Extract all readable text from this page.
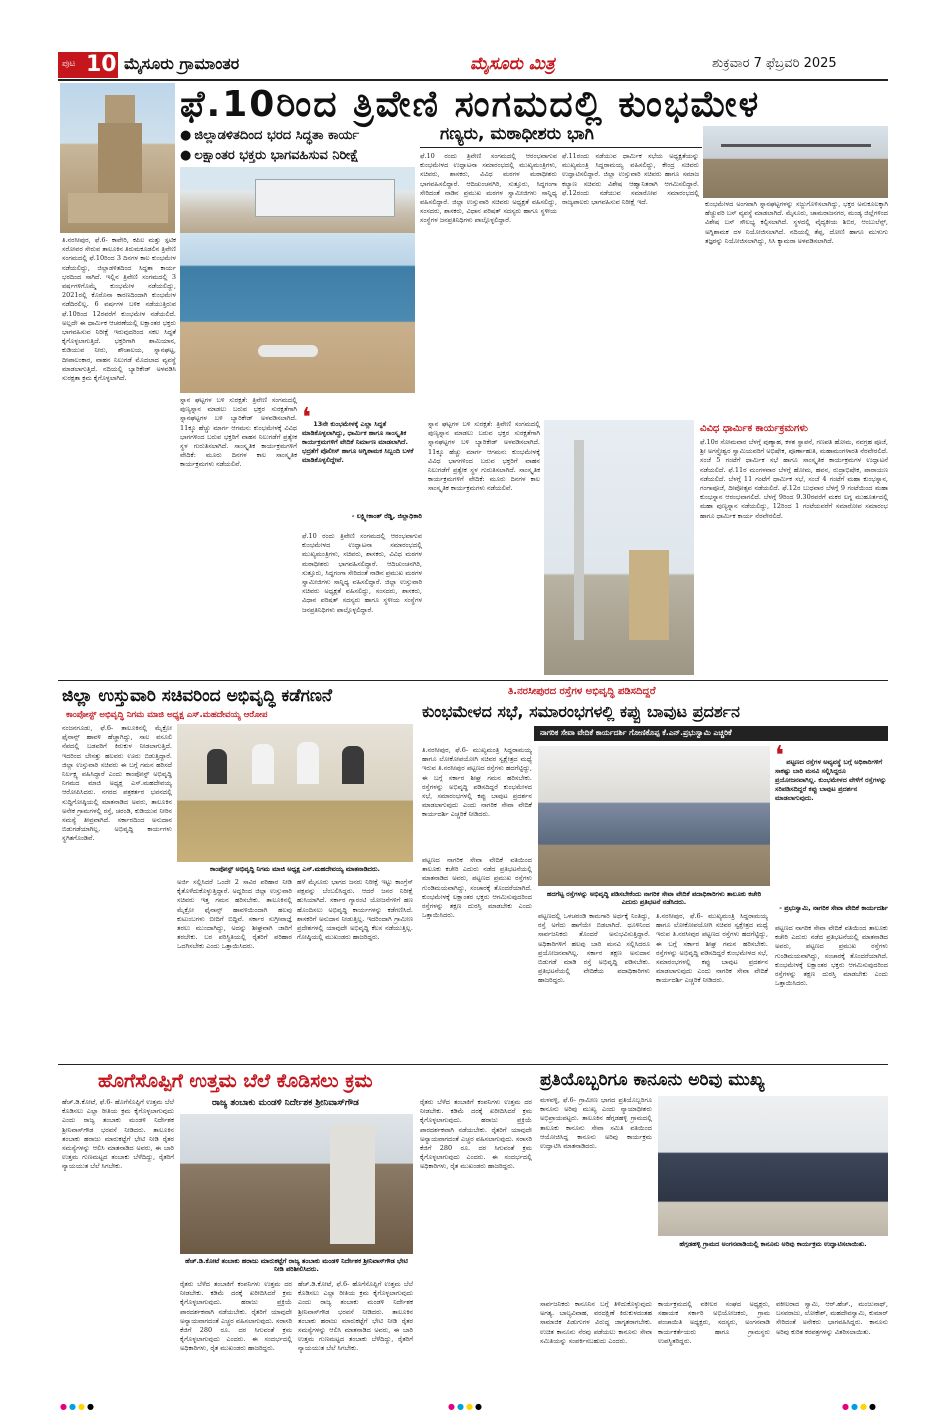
ಪುಟ 10 ಮೈಸೂರು ಗ್ರಾಮಾಂತರ	ಮೈಸೂರು ಮಿತ್ರ	ಶುಕ್ರವಾರ 7 ಫೆಬ್ರವರಿ 2025
ಫೆ.10ರಿಂದ ತ್ರಿವೇಣಿ ಸಂಗಮದಲ್ಲಿ ಕುಂಭಮೇಳ
● ಜಿಲ್ಲಾಡಳಿತದಿಂದ ಭರದ ಸಿದ್ಧತಾ ಕಾರ್ಯ
● ಲಕ್ಷಾಂತರ ಭಕ್ತರು ಭಾಗವಹಿಸುವ ನಿರೀಕ್ಷೆ
ತಿ.ನರಸೀಪುರ, ಫೆ.6- ಕಾವೇರಿ, ಕಪಿಲ ಮತ್ತು ಸ್ಫಟಿಕ ಸರೋವರ ಸೇರುವ ತಾಲೂಕಿನ ತಿರುಮಕೂಡಲಿನ ತ್ರಿವೇಣಿ ಸಂಗಮದಲ್ಲಿ ಫೆ.10ರಿಂದ 3 ದಿನಗಳ ಕಾಲ ಕುಂಭಮೇಳ ನಡೆಯಲಿದ್ದು, ಜಿಲ್ಲಾಡಳಿತದಿಂದ ಸಿದ್ಧತಾ ಕಾರ್ಯ ಭರದಿಂದ ಸಾಗಿದೆ. ಇಲ್ಲಿನ ತ್ರಿವೇಣಿ ಸಂಗಮದಲ್ಲಿ 3 ವರ್ಷಗಳಿಗೊಮ್ಮೆ ಕುಂಭಮೇಳ ನಡೆಯಲಿದ್ದು, 2021ರಲ್ಲಿ ಕೊರೊನಾ ಕಾರಣದಿಂದಾಗಿ ಕುಂಭಮೇಳ ನಡೆದಿರಲಿಲ್ಲ. 6 ವರ್ಷಗಳ ಬಳಿಕ ನಡೆಯುತ್ತಿರುವ ಫೆ.10ರಿಂದ 12ರವರೆಗೆ ಕುಂಭಮೇಳ ನಡೆಯಲಿದೆ. ಅಲ್ಲದೇ ಈ ಧಾರ್ಮಿಕ ಆಚರಣೆಯಲ್ಲಿ ಲಕ್ಷಾಂತರ ಭಕ್ತರು ಭಾಗವಹಿಸುವ ನಿರೀಕ್ಷೆ ಇರುವುದರಿಂದ ಸಕಲ ಸಿದ್ಧತೆ ಕೈಗೊಳ್ಳಲಾಗುತ್ತಿದೆ. ಭಕ್ತರಿಗಾಗಿ ಶಾಮಿಯಾನ, ಕುಡಿಯುವ ನೀರು, ಶೌಚಾಲಯ, ಸ್ನಾನಘಟ್ಟ, ದೀಪಾಲಂಕಾರ, ವಾಹನ ನಿಲುಗಡೆ ಮೊದಲಾದ ವ್ಯವಸ್ಥೆ ಮಾಡಲಾಗುತ್ತಿದೆ. ನದಿಯಲ್ಲಿ ಬ್ಯಾರಿಕೇಡ್ ಅಳವಡಿಸಿ ಸುರಕ್ಷತಾ ಕ್ರಮ ಕೈಗೊಳ್ಳಲಾಗಿದೆ.
ಗಣ್ಯರು, ಮಠಾಧೀಶರು ಭಾಗಿ
ಫೆ.10 ರಂದು ತ್ರಿವೇಣಿ ಸಂಗಮದಲ್ಲಿ ಆರಂಭವಾಗುವ ಕುಂಭಮೇಳದ ಉದ್ಘಾಟನಾ ಸಮಾರಂಭದಲ್ಲಿ ಮುಖ್ಯಮಂತ್ರಿಗಳು, ಸಚಿವರು, ಶಾಸಕರು, ವಿವಿಧ ಮಠಗಳ ಮಠಾಧೀಶರು ಭಾಗವಹಿಸಲಿದ್ದಾರೆ. ಆದಿಚುಂಚನಗಿರಿ, ಸುತ್ತೂರು, ಸಿದ್ಧಗಂಗಾ ಸೇರಿದಂತೆ ನಾಡಿನ ಪ್ರಮುಖ ಮಠಗಳ ಸ್ವಾಮೀಜಿಗಳು ಸಾನ್ನಿಧ್ಯ ವಹಿಸಲಿದ್ದಾರೆ. ಜಿಲ್ಲಾ ಉಸ್ತುವಾರಿ ಸಚಿವರು ಅಧ್ಯಕ್ಷತೆ ವಹಿಸಲಿದ್ದು, ಸಂಸದರು, ಶಾಸಕರು, ವಿಧಾನ ಪರಿಷತ್ ಸದಸ್ಯರು ಹಾಗೂ ಸ್ಥಳೀಯ ಸಂಸ್ಥೆಗಳ ಜನಪ್ರತಿನಿಧಿಗಳು ಪಾಲ್ಗೊಳ್ಳಲಿದ್ದಾರೆ.
ಫೆ.11ರಂದು ನಡೆಯುವ ಧಾರ್ಮಿಕ ಸಭೆಯ ಅಧ್ಯಕ್ಷತೆಯನ್ನು ಮುಖ್ಯಮಂತ್ರಿ ಸಿದ್ದರಾಮಯ್ಯ ವಹಿಸಲಿದ್ದು, ಕೇಂದ್ರ ಸಚಿವರು ಉದ್ಘಾಟಿಸಲಿದ್ದಾರೆ. ಜಿಲ್ಲಾ ಉಸ್ತುವಾರಿ ಸಚಿವರು ಹಾಗೂ ಸಮಾಜ ಕಲ್ಯಾಣ ಸಚಿವರು ವಿಶೇಷ ಆಹ್ವಾನಿತರಾಗಿ ಆಗಮಿಸಲಿದ್ದಾರೆ. ಫೆ.12ರಂದು ನಡೆಯುವ ಸಮಾರೋಪ ಸಮಾರಂಭದಲ್ಲಿ ರಾಜ್ಯಪಾಲರು ಭಾಗವಹಿಸುವ ನಿರೀಕ್ಷೆ ಇದೆ.	ಕುಂಭಮೇಳದ ಅಂಗವಾಗಿ ಸ್ನಾನಘಟ್ಟಗಳನ್ನು ಸಜ್ಜುಗೊಳಿಸಲಾಗಿದ್ದು, ಭಕ್ತರ ಅನುಕೂಲಕ್ಕಾಗಿ ಹೆಚ್ಚುವರಿ ಬಸ್ ವ್ಯವಸ್ಥೆ ಮಾಡಲಾಗಿದೆ. ಮೈಸೂರು, ಚಾಮರಾಜನಗರ, ಮಂಡ್ಯ ಜಿಲ್ಲೆಗಳಿಂದ ವಿಶೇಷ ಬಸ್ ಸೌಲಭ್ಯ ಕಲ್ಪಿಸಲಾಗಿದೆ. ಸ್ಥಳದಲ್ಲಿ ವೈದ್ಯಕೀಯ ಶಿಬಿರ, ಆಂಬುಲೆನ್ಸ್, ಅಗ್ನಿಶಾಮಕ ದಳ ನಿಯೋಜಿಸಲಾಗಿದೆ. ನದಿಯಲ್ಲಿ ತೆಪ್ಪ, ದೋಣಿ ಹಾಗೂ ಮುಳುಗು ತಜ್ಞರನ್ನು ನಿಯೋಜಿಸಲಾಗಿದ್ದು, ಸಿಸಿ ಕ್ಯಾಮರಾ ಅಳವಡಿಸಲಾಗಿದೆ.
ಸ್ನಾನ ಘಟ್ಟಗಳ ಬಳಿ ಸುರಕ್ಷತೆ: ತ್ರಿವೇಣಿ ಸಂಗಮದಲ್ಲಿ ಪುಣ್ಯಸ್ನಾನ ಮಾಡಲು ಬರುವ ಭಕ್ತರ ಸುರಕ್ಷತೆಗಾಗಿ ಸ್ನಾನಘಟ್ಟಗಳ ಬಳಿ ಬ್ಯಾರಿಕೇಡ್ ಅಳವಡಿಸಲಾಗಿದೆ. 11ಕ್ಕೂ ಹೆಚ್ಚು ಮಾರ್ಗ ಆಗಮನ: ಕುಂಭಮೇಳಕ್ಕೆ ವಿವಿಧ ಭಾಗಗಳಿಂದ ಬರುವ ಭಕ್ತರಿಗೆ ವಾಹನ ನಿಲುಗಡೆಗೆ ಪ್ರತ್ಯೇಕ ಸ್ಥಳ ಗುರುತಿಸಲಾಗಿದೆ. ಸಾಂಸ್ಕೃತಿಕ ಕಾರ್ಯಕ್ರಮಗಳಿಗೆ ವೇದಿಕೆ: ಮೂರು ದಿನಗಳ ಕಾಲ ಸಾಂಸ್ಕೃತಿಕ ಕಾರ್ಯಕ್ರಮಗಳು ನಡೆಯಲಿವೆ.
❛ 13ನೇ ಕುಂಭಮೇಳಕ್ಕೆ ಎಲ್ಲಾ ಸಿದ್ಧತೆ ಮಾಡಿಕೊಳ್ಳಲಾಗಿದ್ದು, ಧಾರ್ಮಿಕ ಹಾಗೂ ಸಾಂಸ್ಕೃತಿಕ ಕಾರ್ಯಕ್ರಮಗಳಿಗೆ ವೇದಿಕೆ ನಿರ್ಮಾಣ ಮಾಡಲಾಗಿದೆ. ಭದ್ರತೆಗೆ ಪೊಲೀಸ್ ಹಾಗೂ ಅಗ್ನಿಶಾಮಕ ಸಿಬ್ಬಂದಿ ಬಳಕೆ ಮಾಡಿಕೊಳ್ಳಲಿದ್ದೇವೆ.
- ಲಕ್ಷ್ಮೀಕಾಂತ್ ರೆಡ್ಡಿ, ಜಿಲ್ಲಾಧಿಕಾರಿ
ಫೆ.10 ರಂದು ತ್ರಿವೇಣಿ ಸಂಗಮದಲ್ಲಿ ಆರಂಭವಾಗುವ ಕುಂಭಮೇಳದ ಉದ್ಘಾಟನಾ ಸಮಾರಂಭದಲ್ಲಿ ಮುಖ್ಯಮಂತ್ರಿಗಳು, ಸಚಿವರು, ಶಾಸಕರು, ವಿವಿಧ ಮಠಗಳ ಮಠಾಧೀಶರು ಭಾಗವಹಿಸಲಿದ್ದಾರೆ. ಆದಿಚುಂಚನಗಿರಿ, ಸುತ್ತೂರು, ಸಿದ್ಧಗಂಗಾ ಸೇರಿದಂತೆ ನಾಡಿನ ಪ್ರಮುಖ ಮಠಗಳ ಸ್ವಾಮೀಜಿಗಳು ಸಾನ್ನಿಧ್ಯ ವಹಿಸಲಿದ್ದಾರೆ. ಜಿಲ್ಲಾ ಉಸ್ತುವಾರಿ ಸಚಿವರು ಅಧ್ಯಕ್ಷತೆ ವಹಿಸಲಿದ್ದು, ಸಂಸದರು, ಶಾಸಕರು, ವಿಧಾನ ಪರಿಷತ್ ಸದಸ್ಯರು ಹಾಗೂ ಸ್ಥಳೀಯ ಸಂಸ್ಥೆಗಳ ಜನಪ್ರತಿನಿಧಿಗಳು ಪಾಲ್ಗೊಳ್ಳಲಿದ್ದಾರೆ.
ಸ್ನಾನ ಘಟ್ಟಗಳ ಬಳಿ ಸುರಕ್ಷತೆ: ತ್ರಿವೇಣಿ ಸಂಗಮದಲ್ಲಿ ಪುಣ್ಯಸ್ನಾನ ಮಾಡಲು ಬರುವ ಭಕ್ತರ ಸುರಕ್ಷತೆಗಾಗಿ ಸ್ನಾನಘಟ್ಟಗಳ ಬಳಿ ಬ್ಯಾರಿಕೇಡ್ ಅಳವಡಿಸಲಾಗಿದೆ. 11ಕ್ಕೂ ಹೆಚ್ಚು ಮಾರ್ಗ ಆಗಮನ: ಕುಂಭಮೇಳಕ್ಕೆ ವಿವಿಧ ಭಾಗಗಳಿಂದ ಬರುವ ಭಕ್ತರಿಗೆ ವಾಹನ ನಿಲುಗಡೆಗೆ ಪ್ರತ್ಯೇಕ ಸ್ಥಳ ಗುರುತಿಸಲಾಗಿದೆ. ಸಾಂಸ್ಕೃತಿಕ ಕಾರ್ಯಕ್ರಮಗಳಿಗೆ ವೇದಿಕೆ: ಮೂರು ದಿನಗಳ ಕಾಲ ಸಾಂಸ್ಕೃತಿಕ ಕಾರ್ಯಕ್ರಮಗಳು ನಡೆಯಲಿವೆ.
ವಿವಿಧ ಧಾರ್ಮಿಕ ಕಾರ್ಯಕ್ರಮಗಳು
ಫೆ.10ರ ಸೋಮವಾರ ಬೆಳಗ್ಗೆ ಪುಣ್ಯಾಹ, ಕಳಶ ಸ್ಥಾಪನೆ, ಗಣಪತಿ ಹೋಮ, ನವಗ್ರಹ ಪೂಜೆ, ಶ್ರೀ ಅಗಸ್ತ್ಯೇಶ್ವರ ಸ್ವಾಮಿಯವರಿಗೆ ಅಭಿಷೇಕ, ಪೂರ್ಣಾಹುತಿ, ಮಹಾಮಂಗಳಾರತಿ ನೆರವೇರಲಿದೆ. ಸಂಜೆ 5 ಗಂಟೆಗೆ ಧಾರ್ಮಿಕ ಸಭೆ ಹಾಗೂ ಸಾಂಸ್ಕೃತಿಕ ಕಾರ್ಯಕ್ರಮಗಳ ಉದ್ಘಾಟನೆ ನಡೆಯಲಿದೆ. ಫೆ.11ರ ಮಂಗಳವಾರ ಬೆಳಗ್ಗೆ ಹೋಮ, ಹವನ, ರುದ್ರಾಭಿಷೇಕ, ಪಾರಾಯಣ ನಡೆಯಲಿದೆ. ಬೆಳಗ್ಗೆ 11 ಗಂಟೆಗೆ ಧಾರ್ಮಿಕ ಸಭೆ, ಸಂಜೆ 4 ಗಂಟೆಗೆ ಮಹಾ ಕುಂಭಸ್ನಾನ, ಗಂಗಾಪೂಜೆ, ದೀಪೋತ್ಸವ ನಡೆಯಲಿದೆ. ಫೆ.12ರ ಬುಧವಾರ ಬೆಳಗ್ಗೆ 9 ಗಂಟೆಯಿಂದ ಮಹಾ ಕುಂಭಸ್ನಾನ ಆರಂಭವಾಗಲಿದೆ. ಬೆಳಗ್ಗೆ 9ರಿಂದ 9.30ರವರೆಗೆ ಮಕರ ಲಗ್ನ ಮುಹೂರ್ತದಲ್ಲಿ ಮಹಾ ಪುಣ್ಯಸ್ನಾನ ನಡೆಯಲಿದ್ದು, 12ರಿಂದ 1 ಗಂಟೆಯವರೆಗೆ ಸಮಾರೋಪ ಸಮಾರಂಭ ಹಾಗೂ ಧಾರ್ಮಿಕ ಕಾರ್ಯ ನೆರವೇರಲಿದೆ.
ಜಿಲ್ಲಾ ಉಸ್ತುವಾರಿ ಸಚಿವರಿಂದ ಅಭಿವೃದ್ಧಿ ಕಡೆಗಣನೆ
ಕಾಂಪೋಸ್ಟ್ ಅಭಿವೃದ್ಧಿ ನಿಗಮ ಮಾಜಿ ಅಧ್ಯಕ್ಷ ಎಸ್.ಮಹದೇವಯ್ಯ ಆರೋಪ
ನಂಜನಗೂಡು, ಫೆ.6- ತಾಲೂಕಿನಲ್ಲಿ ಮೈಕ್ರೋ ಫೈನಾನ್ಸ್ ಹಾವಳಿ ಹೆಚ್ಚಾಗಿದ್ದು, ಸಾಲ ವಸೂಲಿ ನೆಪದಲ್ಲಿ ಬಡವರಿಗೆ ಕಿರುಕುಳ ನೀಡಲಾಗುತ್ತಿದೆ. ಇದರಿಂದ ಬೇಸತ್ತು ಹಲವರು ಊರು ಬಿಡುತ್ತಿದ್ದಾರೆ. ಜಿಲ್ಲಾ ಉಸ್ತುವಾರಿ ಸಚಿವರು ಈ ಬಗ್ಗೆ ಗಮನ ಹರಿಸದೆ ನಿರ್ಲಕ್ಷ್ಯ ವಹಿಸಿದ್ದಾರೆ ಎಂದು ಕಾಂಪೋಸ್ಟ್ ಅಭಿವೃದ್ಧಿ ನಿಗಮದ ಮಾಜಿ ಅಧ್ಯಕ್ಷ ಎಸ್.ಮಹದೇವಯ್ಯ ಆರೋಪಿಸಿದರು. ನಗರದ ಪತ್ರಕರ್ತರ ಭವನದಲ್ಲಿ ಸುದ್ದಿಗೋಷ್ಠಿಯಲ್ಲಿ ಮಾತನಾಡಿದ ಅವರು, ತಾಲೂಕಿನ ಅನೇಕ ಗ್ರಾಮಗಳಲ್ಲಿ ರಸ್ತೆ, ಚರಂಡಿ, ಕುಡಿಯುವ ನೀರಿನ ಸಮಸ್ಯೆ ತೀವ್ರವಾಗಿದೆ. ಸರ್ಕಾರದಿಂದ ಅನುದಾನ ಬಿಡುಗಡೆಯಾಗಿಲ್ಲ. ಅಭಿವೃದ್ಧಿ ಕಾರ್ಯಗಳು ಸ್ಥಗಿತಗೊಂಡಿವೆ.
ಕಾಂಪೋಸ್ಟ್ ಅಭಿವೃದ್ಧಿ ನಿಗಮ ಮಾಜಿ ಅಧ್ಯಕ್ಷ ಎಸ್.ಮಹದೇವಯ್ಯ ಮಾತನಾಡಿದರು.
ಅರ್ಜಿ ಸಲ್ಲಿಸಿದರೆ ಒಂದೇ 2 ಸಾವಿರ ಪರಿಹಾರ ನೀಡಿ ಕೈತೊಳೆದುಕೊಳ್ಳುತ್ತಿದ್ದಾರೆ. ಅದ್ದರಿಂದ ಜಿಲ್ಲಾ ಉಸ್ತುವಾರಿ ಸಚಿವರು ಇತ್ತ ಗಮನ ಹರಿಸಬೇಕು. ತಾಲೂಕಿನಲ್ಲಿ ಮೈಕ್ರೋ ಫೈನಾನ್ಸ್ ಹಾವಳಿಯಿಂದಾಗಿ ಹಲವು ಕುಟುಂಬಗಳು ಬೀದಿಗೆ ಬಿದ್ದಿವೆ. ಸರ್ಕಾರ ಸುಗ್ರೀವಾಜ್ಞೆ ತರಲು ಮುಂದಾಗಿದ್ದು, ಅದನ್ನು ಶೀಘ್ರವಾಗಿ ಜಾರಿಗೆ ತರಬೇಕು. ಬರ ಪರಿಸ್ಥಿತಿಯಲ್ಲಿ ರೈತರಿಗೆ ಪರಿಹಾರ ಒದಗಿಸಬೇಕು ಎಂದು ಒತ್ತಾಯಿಸಿದರು.
ಹಳೆ ಮೈಸೂರು ಭಾಗದ ಜನರು ನಿರೀಕ್ಷೆ ಇಟ್ಟು ಕಾಂಗ್ರೆಸ್ ಪಕ್ಷವನ್ನು ಬೆಂಬಲಿಸಿದ್ದರು. ಆದರೆ ಜನರ ನಿರೀಕ್ಷೆ ಹುಸಿಯಾಗಿದೆ. ಸರ್ಕಾರ ಗ್ಯಾರಂಟಿ ಯೋಜನೆಗಳಿಗೆ ಹಣ ಹೊಂದಿಸಲು ಅಭಿವೃದ್ಧಿ ಕಾರ್ಯಗಳನ್ನು ಕಡೆಗಣಿಸಿದೆ. ಶಾಸಕರಿಗೆ ಅನುದಾನ ನೀಡುತ್ತಿಲ್ಲ. ಇದರಿಂದಾಗಿ ಗ್ರಾಮೀಣ ಪ್ರದೇಶಗಳಲ್ಲಿ ಯಾವುದೇ ಅಭಿವೃದ್ಧಿ ಕೆಲಸ ನಡೆಯುತ್ತಿಲ್ಲ. ಗೋಷ್ಠಿಯಲ್ಲಿ ಮುಖಂಡರು ಹಾಜರಿದ್ದರು.
ತಿ.ನರಸೀಪುರದ ರಸ್ತೆಗಳ ಅಭಿವೃದ್ಧಿ ಪಡಿಸದಿದ್ದರೆ
ಕುಂಭಮೇಳದ ಸಭೆ, ಸಮಾರಂಭಗಳಲ್ಲಿ ಕಪ್ಪು ಬಾವುಟ ಪ್ರದರ್ಶನ
ನಾಗರಿಕ ಸೇವಾ ವೇದಿಕೆ ಕಾರ್ಯದರ್ಶಿ ಗೋಣಿಕೊಪ್ಪ ಕೆ.ಎನ್.ಪ್ರಭುಸ್ವಾಮಿ ಎಚ್ಚರಿಕೆ
ತಿ.ನರಸೀಪುರ, ಫೆ.6- ಮುಖ್ಯಮಂತ್ರಿ ಸಿದ್ದರಾಮಯ್ಯ ಹಾಗೂ ಲೋಕೋಪಯೋಗಿ ಸಚಿವರ ಸ್ವಕ್ಷೇತ್ರದ ಮಧ್ಯೆ ಇರುವ ತಿ.ನರಸೀಪುರ ಪಟ್ಟಣದ ರಸ್ತೆಗಳು ಹದಗೆಟ್ಟಿದ್ದು, ಈ ಬಗ್ಗೆ ಸರ್ಕಾರ ಶೀಘ್ರ ಗಮನ ಹರಿಸಬೇಕು. ರಸ್ತೆಗಳನ್ನು ಅಭಿವೃದ್ಧಿ ಪಡಿಸದಿದ್ದರೆ ಕುಂಭಮೇಳದ ಸಭೆ, ಸಮಾರಂಭಗಳಲ್ಲಿ ಕಪ್ಪು ಬಾವುಟ ಪ್ರದರ್ಶನ ಮಾಡಲಾಗುವುದು ಎಂದು ನಾಗರಿಕ ಸೇವಾ ವೇದಿಕೆ ಕಾರ್ಯದರ್ಶಿ ಎಚ್ಚರಿಕೆ ನೀಡಿದರು.
ಹದಗೆಟ್ಟ ರಸ್ತೆಗಳನ್ನು ಅಭಿವೃದ್ಧಿ ಪಡಿಸಬೇಕೆಂದು ನಾಗರಿಕ ಸೇವಾ ವೇದಿಕೆ ಪದಾಧಿಕಾರಿಗಳು ತಾಲೂಕು ಕಚೇರಿ ಎದುರು ಪ್ರತಿಭಟನೆ ನಡೆಸಿದರು.
❛ ಪಟ್ಟಣದ ರಸ್ತೆಗಳ ಅವ್ಯವಸ್ಥೆ ಬಗ್ಗೆ ಅಧಿಕಾರಿಗಳಿಗೆ ಸಾಕಷ್ಟು ಬಾರಿ ಮನವಿ ಸಲ್ಲಿಸಿದ್ದರೂ ಪ್ರಯೋಜನವಾಗಿಲ್ಲ. ಕುಂಭಮೇಳದ ವೇಳೆಗೆ ರಸ್ತೆಗಳನ್ನು ಸರಿಪಡಿಸದಿದ್ದರೆ ಕಪ್ಪು ಬಾವುಟ ಪ್ರದರ್ಶನ ಮಾಡಲಾಗುವುದು.
- ಪ್ರಭುಸ್ವಾಮಿ, ನಾಗರಿಕ ಸೇವಾ ವೇದಿಕೆ ಕಾರ್ಯದರ್ಶಿ
ಪಟ್ಟಣದ ನಾಗರಿಕ ಸೇವಾ ವೇದಿಕೆ ವತಿಯಿಂದ ತಾಲೂಕು ಕಚೇರಿ ಎದುರು ನಡೆದ ಪ್ರತಿಭಟನೆಯಲ್ಲಿ ಮಾತನಾಡಿದ ಅವರು, ಪಟ್ಟಣದ ಪ್ರಮುಖ ರಸ್ತೆಗಳು ಗುಂಡಿಮಯವಾಗಿದ್ದು, ಸಂಚಾರಕ್ಕೆ ತೊಂದರೆಯಾಗಿದೆ. ಕುಂಭಮೇಳಕ್ಕೆ ಲಕ್ಷಾಂತರ ಭಕ್ತರು ಆಗಮಿಸುವುದರಿಂದ ರಸ್ತೆಗಳನ್ನು ತಕ್ಷಣ ದುರಸ್ತಿ ಮಾಡಬೇಕು ಎಂದು ಒತ್ತಾಯಿಸಿದರು.	ಪಟ್ಟಣದಲ್ಲಿ ಒಳಚರಂಡಿ ಕಾಮಗಾರಿ ಅರ್ಧಕ್ಕೆ ನಿಂತಿದ್ದು, ರಸ್ತೆ ಅಗೆದು ಹಾಗೆಯೇ ಬಿಡಲಾಗಿದೆ. ಧೂಳಿನಿಂದ ಸಾರ್ವಜನಿಕರು ತೊಂದರೆ ಅನುಭವಿಸುತ್ತಿದ್ದಾರೆ. ಅಧಿಕಾರಿಗಳಿಗೆ ಹಲವು ಬಾರಿ ಮನವಿ ಸಲ್ಲಿಸಿದರೂ ಪ್ರಯೋಜನವಾಗಿಲ್ಲ. ಸರ್ಕಾರ ತಕ್ಷಣ ಅನುದಾನ ಬಿಡುಗಡೆ ಮಾಡಿ ರಸ್ತೆ ಅಭಿವೃದ್ಧಿ ಪಡಿಸಬೇಕು. ಪ್ರತಿಭಟನೆಯಲ್ಲಿ ವೇದಿಕೆಯ ಪದಾಧಿಕಾರಿಗಳು ಹಾಜರಿದ್ದರು.
ತಿ.ನರಸೀಪುರ, ಫೆ.6- ಮುಖ್ಯಮಂತ್ರಿ ಸಿದ್ದರಾಮಯ್ಯ ಹಾಗೂ ಲೋಕೋಪಯೋಗಿ ಸಚಿವರ ಸ್ವಕ್ಷೇತ್ರದ ಮಧ್ಯೆ ಇರುವ ತಿ.ನರಸೀಪುರ ಪಟ್ಟಣದ ರಸ್ತೆಗಳು ಹದಗೆಟ್ಟಿದ್ದು, ಈ ಬಗ್ಗೆ ಸರ್ಕಾರ ಶೀಘ್ರ ಗಮನ ಹರಿಸಬೇಕು. ರಸ್ತೆಗಳನ್ನು ಅಭಿವೃದ್ಧಿ ಪಡಿಸದಿದ್ದರೆ ಕುಂಭಮೇಳದ ಸಭೆ, ಸಮಾರಂಭಗಳಲ್ಲಿ ಕಪ್ಪು ಬಾವುಟ ಪ್ರದರ್ಶನ ಮಾಡಲಾಗುವುದು ಎಂದು ನಾಗರಿಕ ಸೇವಾ ವೇದಿಕೆ ಕಾರ್ಯದರ್ಶಿ ಎಚ್ಚರಿಕೆ ನೀಡಿದರು.
ಪಟ್ಟಣದ ನಾಗರಿಕ ಸೇವಾ ವೇದಿಕೆ ವತಿಯಿಂದ ತಾಲೂಕು ಕಚೇರಿ ಎದುರು ನಡೆದ ಪ್ರತಿಭಟನೆಯಲ್ಲಿ ಮಾತನಾಡಿದ ಅವರು, ಪಟ್ಟಣದ ಪ್ರಮುಖ ರಸ್ತೆಗಳು ಗುಂಡಿಮಯವಾಗಿದ್ದು, ಸಂಚಾರಕ್ಕೆ ತೊಂದರೆಯಾಗಿದೆ. ಕುಂಭಮೇಳಕ್ಕೆ ಲಕ್ಷಾಂತರ ಭಕ್ತರು ಆಗಮಿಸುವುದರಿಂದ ರಸ್ತೆಗಳನ್ನು ತಕ್ಷಣ ದುರಸ್ತಿ ಮಾಡಬೇಕು ಎಂದು ಒತ್ತಾಯಿಸಿದರು.
ಹೊಗೆಸೊಪ್ಪಿಗೆ ಉತ್ತಮ ಬೆಲೆ ಕೊಡಿಸಲು ಕ್ರಮ
ರಾಜ್ಯ ತಂಬಾಕು ಮಂಡಳಿ ನಿರ್ದೇಶಕ ಶ್ರೀನಿವಾಸ್‌ಗೌಡ
ಹೆಚ್.ಡಿ.ಕೋಟೆ, ಫೆ.6- ಹೊಗೆಸೊಪ್ಪಿಗೆ ಉತ್ತಮ ಬೆಲೆ ಕೊಡಿಸಲು ಎಲ್ಲಾ ರೀತಿಯ ಕ್ರಮ ಕೈಗೊಳ್ಳಲಾಗುವುದು ಎಂದು ರಾಜ್ಯ ತಂಬಾಕು ಮಂಡಳಿ ನಿರ್ದೇಶಕ ಶ್ರೀನಿವಾಸ್‌ಗೌಡ ಭರವಸೆ ನೀಡಿದರು. ತಾಲೂಕಿನ ತಂಬಾಕು ಹರಾಜು ಮಾರುಕಟ್ಟೆಗೆ ಭೇಟಿ ನೀಡಿ ರೈತರ ಸಮಸ್ಯೆಗಳನ್ನು ಆಲಿಸಿ ಮಾತನಾಡಿದ ಅವರು, ಈ ಬಾರಿ ಉತ್ತಮ ಗುಣಮಟ್ಟದ ತಂಬಾಕು ಬೆಳೆದಿದ್ದು, ರೈತರಿಗೆ ನ್ಯಾಯಯುತ ಬೆಲೆ ಸಿಗಬೇಕು.
ಹೆಚ್.ಡಿ.ಕೋಟೆ ತಂಬಾಕು ಹರಾಜು ಮಾರುಕಟ್ಟೆಗೆ ರಾಜ್ಯ ತಂಬಾಕು ಮಂಡಳಿ ನಿರ್ದೇಶಕ ಶ್ರೀನಿವಾಸ್‌ಗೌಡ ಭೇಟಿ ನೀಡಿ ಪರಿಶೀಲಿಸಿದರು.
ರೈತರು ಬೆಳೆದ ತಂಬಾಕಿಗೆ ಕಂಪನಿಗಳು ಉತ್ತಮ ದರ ನೀಡಬೇಕು. ಕಡಿಮೆ ದರಕ್ಕೆ ಖರೀದಿಸಿದರೆ ಕ್ರಮ ಕೈಗೊಳ್ಳಲಾಗುವುದು. ಹರಾಜು ಪ್ರಕ್ರಿಯೆ ಪಾರದರ್ಶಕವಾಗಿ ನಡೆಯಬೇಕು. ರೈತರಿಗೆ ಯಾವುದೇ ಅನ್ಯಾಯವಾಗದಂತೆ ಎಚ್ಚರ ವಹಿಸಲಾಗುವುದು. ಸರಾಸರಿ ಕೆಜಿಗೆ 280 ರೂ. ದರ ಸಿಗುವಂತೆ ಕ್ರಮ ಕೈಗೊಳ್ಳಲಾಗುವುದು ಎಂದರು. ಈ ಸಂದರ್ಭದಲ್ಲಿ ಅಧಿಕಾರಿಗಳು, ರೈತ ಮುಖಂಡರು ಹಾಜರಿದ್ದರು.
ಹೆಚ್.ಡಿ.ಕೋಟೆ, ಫೆ.6- ಹೊಗೆಸೊಪ್ಪಿಗೆ ಉತ್ತಮ ಬೆಲೆ ಕೊಡಿಸಲು ಎಲ್ಲಾ ರೀತಿಯ ಕ್ರಮ ಕೈಗೊಳ್ಳಲಾಗುವುದು ಎಂದು ರಾಜ್ಯ ತಂಬಾಕು ಮಂಡಳಿ ನಿರ್ದೇಶಕ ಶ್ರೀನಿವಾಸ್‌ಗೌಡ ಭರವಸೆ ನೀಡಿದರು. ತಾಲೂಕಿನ ತಂಬಾಕು ಹರಾಜು ಮಾರುಕಟ್ಟೆಗೆ ಭೇಟಿ ನೀಡಿ ರೈತರ ಸಮಸ್ಯೆಗಳನ್ನು ಆಲಿಸಿ ಮಾತನಾಡಿದ ಅವರು, ಈ ಬಾರಿ ಉತ್ತಮ ಗುಣಮಟ್ಟದ ತಂಬಾಕು ಬೆಳೆದಿದ್ದು, ರೈತರಿಗೆ ನ್ಯಾಯಯುತ ಬೆಲೆ ಸಿಗಬೇಕು.
ರೈತರು ಬೆಳೆದ ತಂಬಾಕಿಗೆ ಕಂಪನಿಗಳು ಉತ್ತಮ ದರ ನೀಡಬೇಕು. ಕಡಿಮೆ ದರಕ್ಕೆ ಖರೀದಿಸಿದರೆ ಕ್ರಮ ಕೈಗೊಳ್ಳಲಾಗುವುದು. ಹರಾಜು ಪ್ರಕ್ರಿಯೆ ಪಾರದರ್ಶಕವಾಗಿ ನಡೆಯಬೇಕು. ರೈತರಿಗೆ ಯಾವುದೇ ಅನ್ಯಾಯವಾಗದಂತೆ ಎಚ್ಚರ ವಹಿಸಲಾಗುವುದು. ಸರಾಸರಿ ಕೆಜಿಗೆ 280 ರೂ. ದರ ಸಿಗುವಂತೆ ಕ್ರಮ ಕೈಗೊಳ್ಳಲಾಗುವುದು ಎಂದರು. ಈ ಸಂದರ್ಭದಲ್ಲಿ ಅಧಿಕಾರಿಗಳು, ರೈತ ಮುಖಂಡರು ಹಾಜರಿದ್ದರು.
ಪ್ರತಿಯೊಬ್ಬರಿಗೂ ಕಾನೂನು ಅರಿವು ಮುಖ್ಯ
ಮಳವಳ್ಳಿ, ಫೆ.6- ಗ್ರಾಮೀಣ ಭಾಗದ ಪ್ರತಿಯೊಬ್ಬರಿಗೂ ಕಾನೂನು ಅರಿವು ಮುಖ್ಯ ಎಂದು ನ್ಯಾಯಾಧೀಶರು ಅಭಿಪ್ರಾಯಪಟ್ಟರು. ತಾಲೂಕಿನ ಹೆಗ್ಗಡಹಳ್ಳಿ ಗ್ರಾಮದಲ್ಲಿ ತಾಲೂಕು ಕಾನೂನು ಸೇವಾ ಸಮಿತಿ ವತಿಯಿಂದ ಆಯೋಜಿಸಿದ್ದ ಕಾನೂನು ಅರಿವು ಕಾರ್ಯಕ್ರಮ ಉದ್ಘಾಟಿಸಿ ಮಾತನಾಡಿದರು.
ಹೆಗ್ಗಡಹಳ್ಳಿ ಗ್ರಾಮದ ಅಂಗನವಾಡಿಯಲ್ಲಿ ಕಾನೂನು ಅರಿವು ಕಾರ್ಯಕ್ರಮ ಉದ್ಘಾಟಿಸಲಾಯಿತು.
ಸಾರ್ವಜನಿಕರು ಕಾನೂನಿನ ಬಗ್ಗೆ ತಿಳಿದುಕೊಳ್ಳುವುದು ಅಗತ್ಯ. ಬಾಲ್ಯವಿವಾಹ, ವರದಕ್ಷಿಣೆ ಕಿರುಕುಳದಂತಹ ಸಾಮಾಜಿಕ ಪಿಡುಗುಗಳ ವಿರುದ್ಧ ಜಾಗೃತರಾಗಬೇಕು. ಉಚಿತ ಕಾನೂನು ನೆರವು ಪಡೆಯಲು ಕಾನೂನು ಸೇವಾ ಸಮಿತಿಯನ್ನು ಸಂಪರ್ಕಿಸಬಹುದು ಎಂದರು.
ಕಾರ್ಯಕ್ರಮದಲ್ಲಿ ವಕೀಲರ ಸಂಘದ ಅಧ್ಯಕ್ಷರು, ಸಹಾಯಕ ಸರ್ಕಾರಿ ಅಭಿಯೋಜಕರು, ಗ್ರಾಮ ಪಂಚಾಯಿತಿ ಅಧ್ಯಕ್ಷರು, ಸದಸ್ಯರು, ಅಂಗನವಾಡಿ ಕಾರ್ಯಕರ್ತೆಯರು ಹಾಗೂ ಗ್ರಾಮಸ್ಥರು ಉಪಸ್ಥಿತರಿದ್ದರು.
ವಕೀಲರಾದ ಸ್ವಾಮಿ, ಆರ್.ಹೆಚ್., ಮಂಜುನಾಥ್, ಬಸವರಾಜು, ಲೋಕೇಶ್, ಮಹದೇವಸ್ವಾಮಿ, ಕುಮಾರ್ ಸೇರಿದಂತೆ ಅನೇಕರು ಭಾಗವಹಿಸಿದ್ದರು. ಕಾನೂನು ಅರಿವು ಕುರಿತ ಕರಪತ್ರಗಳನ್ನು ವಿತರಿಸಲಾಯಿತು.
●●●●	●●●●	●●●●
